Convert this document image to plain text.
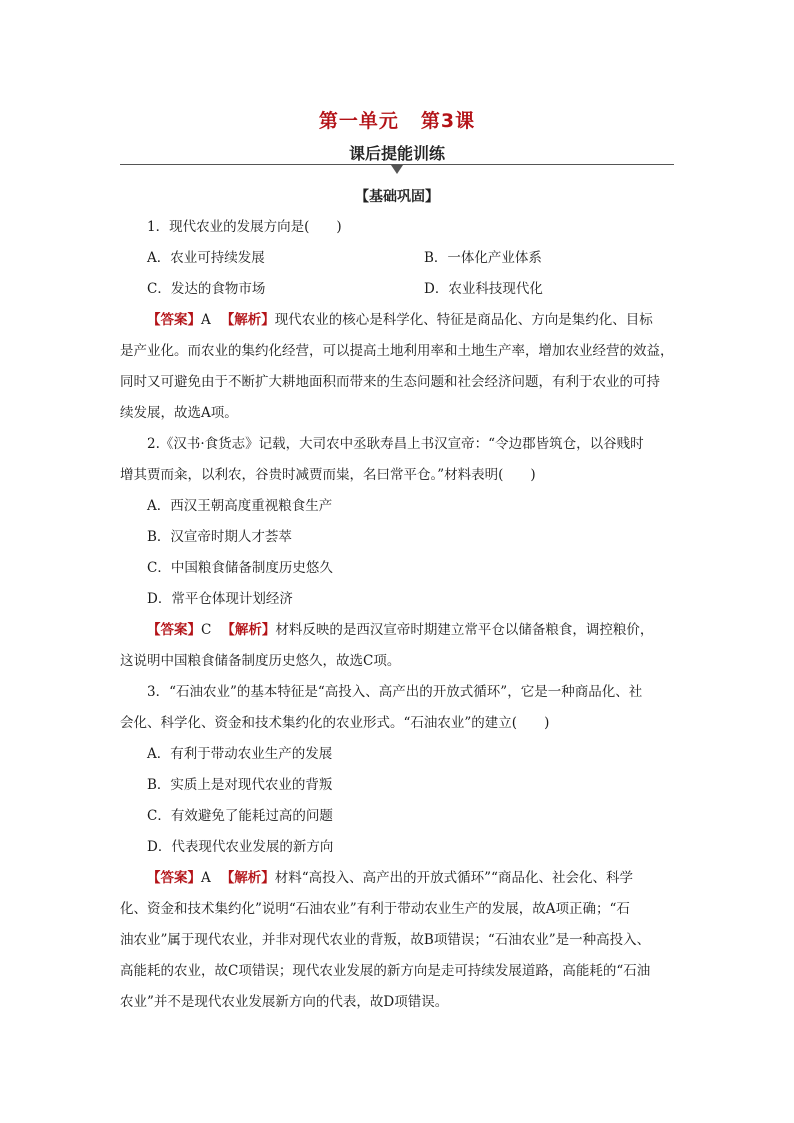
第一单元 第3课
课后提能训练
【基础巩固】
1．现代农业的发展方向是(　　)
A．农业可持续发展	B．一体化产业体系
C．发达的食物市场	D．农业科技现代化
【答案】A 【解析】现代农业的核心是科学化、特征是商品化、方向是集约化、目标
是产业化。而农业的集约化经营，可以提高土地利用率和土地生产率，增加农业经营的效益，
同时又可避免由于不断扩大耕地面积而带来的生态问题和社会经济问题，有利于农业的可持
续发展，故选A项。
2.《汉书·食货志》记载，大司农中丞耿寿昌上书汉宣帝：“令边郡皆筑仓，以谷贱时
增其贾而籴，以利农，谷贵时减贾而粜，名曰常平仓。”材料表明(　　)
A．西汉王朝高度重视粮食生产
B．汉宣帝时期人才荟萃
C．中国粮食储备制度历史悠久
D．常平仓体现计划经济
【答案】C 【解析】材料反映的是西汉宣帝时期建立常平仓以储备粮食，调控粮价，
这说明中国粮食储备制度历史悠久，故选C项。
3．“石油农业”的基本特征是“高投入、高产出的开放式循环”，它是一种商品化、社
会化、科学化、资金和技术集约化的农业形式。“石油农业”的建立(　　)
A．有利于带动农业生产的发展
B．实质上是对现代农业的背叛
C．有效避免了能耗过高的问题
D．代表现代农业发展的新方向
【答案】A 【解析】材料“高投入、高产出的开放式循环”“商品化、社会化、科学
化、资金和技术集约化”说明“石油农业”有利于带动农业生产的发展，故A项正确；“石
油农业”属于现代农业，并非对现代农业的背叛，故B项错误；“石油农业”是一种高投入、
高能耗的农业，故C项错误；现代农业发展的新方向是走可持续发展道路，高能耗的“石油
农业”并不是现代农业发展新方向的代表，故D项错误。
